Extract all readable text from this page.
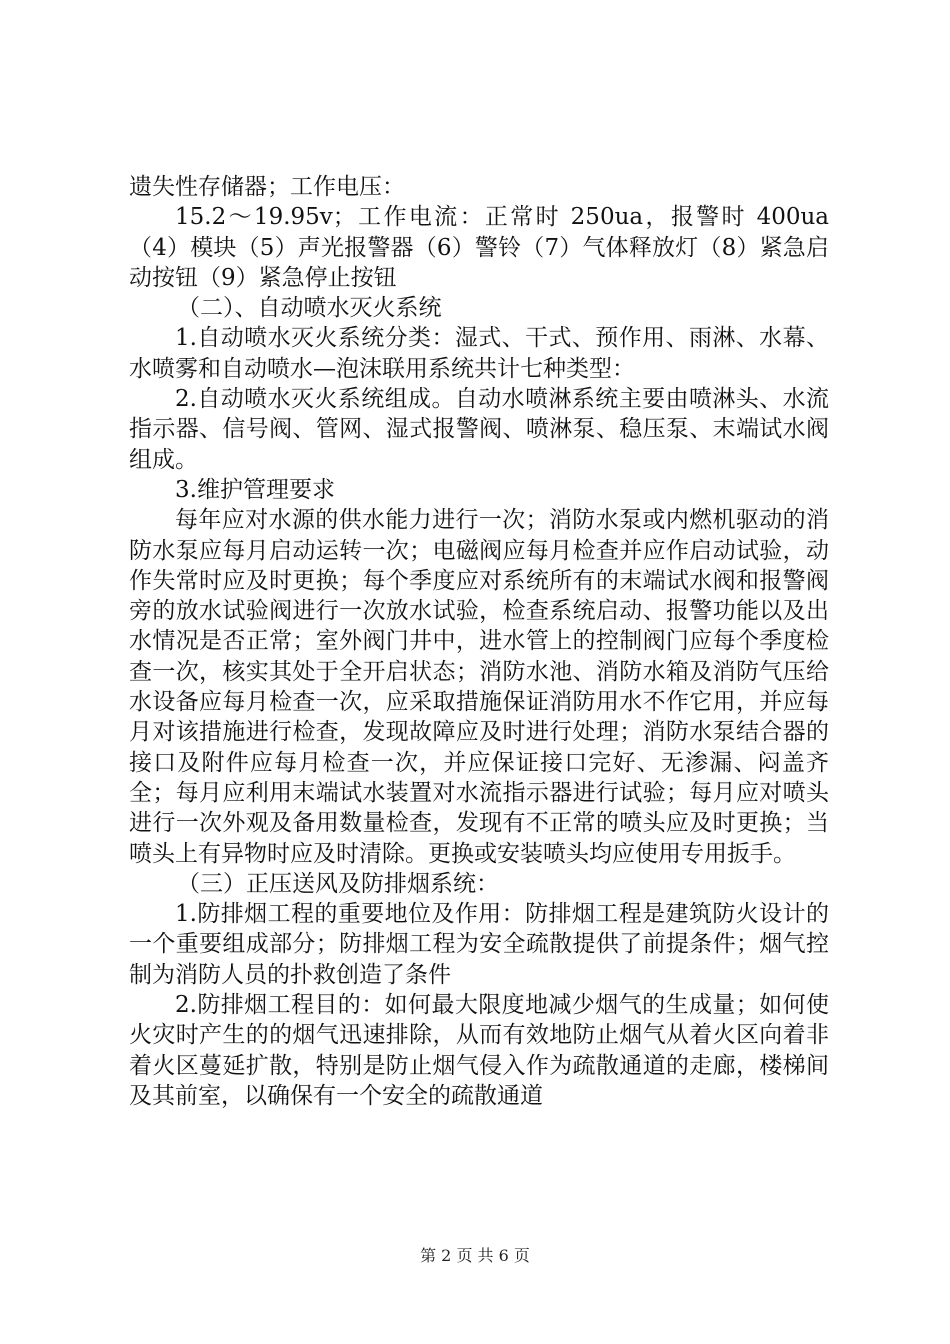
遗失性存储器；工作电压：

15.2～19.95v；工作电流：正常时 250ua，报警时 400ua（4）模块（5）声光报警器（6）警铃（7）气体释放灯（8）紧急启动按钮（9）紧急停止按钮

（二）、自动喷水灭火系统

1.自动喷水灭火系统分类：湿式、干式、预作用、雨淋、水幕、水喷雾和自动喷水—泡沫联用系统共计七种类型：

2.自动喷水灭火系统组成。自动水喷淋系统主要由喷淋头、水流指示器、信号阀、管网、湿式报警阀、喷淋泵、稳压泵、末端试水阀组成。

3.维护管理要求

每年应对水源的供水能力进行一次；消防水泵或内燃机驱动的消防水泵应每月启动运转一次；电磁阀应每月检查并应作启动试验，动作失常时应及时更换；每个季度应对系统所有的末端试水阀和报警阀旁的放水试验阀进行一次放水试验，检查系统启动、报警功能以及出水情况是否正常；室外阀门井中，进水管上的控制阀门应每个季度检查一次，核实其处于全开启状态；消防水池、消防水箱及消防气压给水设备应每月检查一次，应采取措施保证消防用水不作它用，并应每月对该措施进行检查，发现故障应及时进行处理；消防水泵结合器的接口及附件应每月检查一次，并应保证接口完好、无渗漏、闷盖齐全；每月应利用末端试水装置对水流指示器进行试验；每月应对喷头进行一次外观及备用数量检查，发现有不正常的喷头应及时更换；当喷头上有异物时应及时清除。更换或安装喷头均应使用专用扳手。

（三）正压送风及防排烟系统：

1.防排烟工程的重要地位及作用：防排烟工程是建筑防火设计的一个重要组成部分；防排烟工程为安全疏散提供了前提条件；烟气控制为消防人员的扑救创造了条件

2.防排烟工程目的：如何最大限度地减少烟气的生成量；如何使火灾时产生的的烟气迅速排除，从而有效地防止烟气从着火区向着非着火区蔓延扩散，特别是防止烟气侵入作为疏散通道的走廊，楼梯间及其前室，以确保有一个安全的疏散通道

第 2 页 共 6 页
